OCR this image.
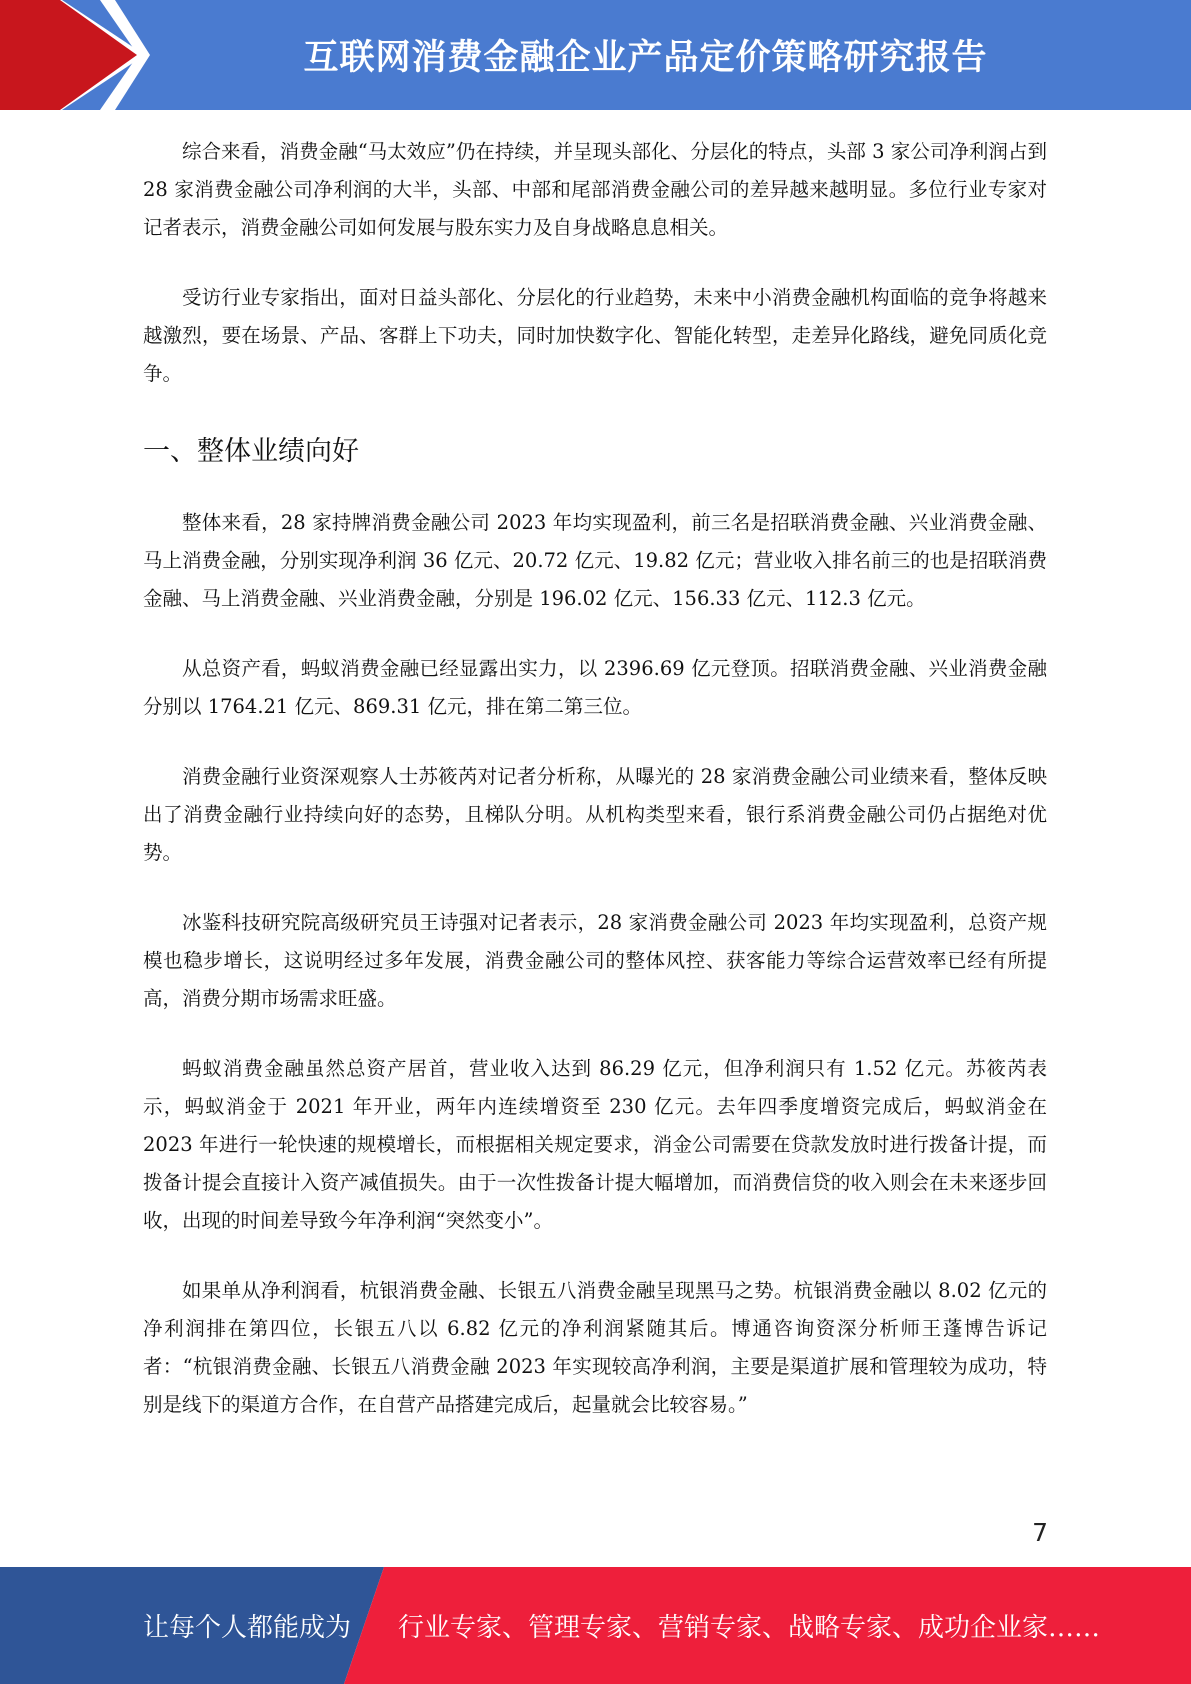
互联网消费金融企业产品定价策略研究报告

综合来看，消费金融“马太效应”仍在持续，并呈现头部化、分层化的特点，头部 3 家公司净利润占到 28 家消费金融公司净利润的大半，头部、中部和尾部消费金融公司的差异越来越明显。多位行业专家对记者表示，消费金融公司如何发展与股东实力及自身战略息息相关。

受访行业专家指出，面对日益头部化、分层化的行业趋势，未来中小消费金融机构面临的竞争将越来越激烈，要在场景、产品、客群上下功夫，同时加快数字化、智能化转型，走差异化路线，避免同质化竞争。

一、整体业绩向好

整体来看，28 家持牌消费金融公司 2023 年均实现盈利，前三名是招联消费金融、兴业消费金融、马上消费金融，分别实现净利润 36 亿元、20.72 亿元、19.82 亿元；营业收入排名前三的也是招联消费金融、马上消费金融、兴业消费金融，分别是 196.02 亿元、156.33 亿元、112.3 亿元。

从总资产看，蚂蚁消费金融已经显露出实力，以 2396.69 亿元登顶。招联消费金融、兴业消费金融分别以 1764.21 亿元、869.31 亿元，排在第二第三位。

消费金融行业资深观察人士苏筱芮对记者分析称，从曝光的 28 家消费金融公司业绩来看，整体反映出了消费金融行业持续向好的态势，且梯队分明。从机构类型来看，银行系消费金融公司仍占据绝对优势。

冰鉴科技研究院高级研究员王诗强对记者表示，28 家消费金融公司 2023 年均实现盈利，总资产规模也稳步增长，这说明经过多年发展，消费金融公司的整体风控、获客能力等综合运营效率已经有所提高，消费分期市场需求旺盛。

蚂蚁消费金融虽然总资产居首，营业收入达到 86.29 亿元，但净利润只有 1.52 亿元。苏筱芮表示，蚂蚁消金于 2021 年开业，两年内连续增资至 230 亿元。去年四季度增资完成后，蚂蚁消金在 2023 年进行一轮快速的规模增长，而根据相关规定要求，消金公司需要在贷款发放时进行拨备计提，而拨备计提会直接计入资产减值损失。由于一次性拨备计提大幅增加，而消费信贷的收入则会在未来逐步回收，出现的时间差导致今年净利润“突然变小”。

如果单从净利润看，杭银消费金融、长银五八消费金融呈现黑马之势。杭银消费金融以 8.02 亿元的净利润排在第四位，长银五八以 6.82 亿元的净利润紧随其后。博通咨询资深分析师王蓬博告诉记者：“杭银消费金融、长银五八消费金融 2023 年实现较高净利润，主要是渠道扩展和管理较为成功，特别是线下的渠道方合作，在自营产品搭建完成后，起量就会比较容易。”

7
让每个人都能成为 行业专家、管理专家、营销专家、战略专家、成功企业家……
